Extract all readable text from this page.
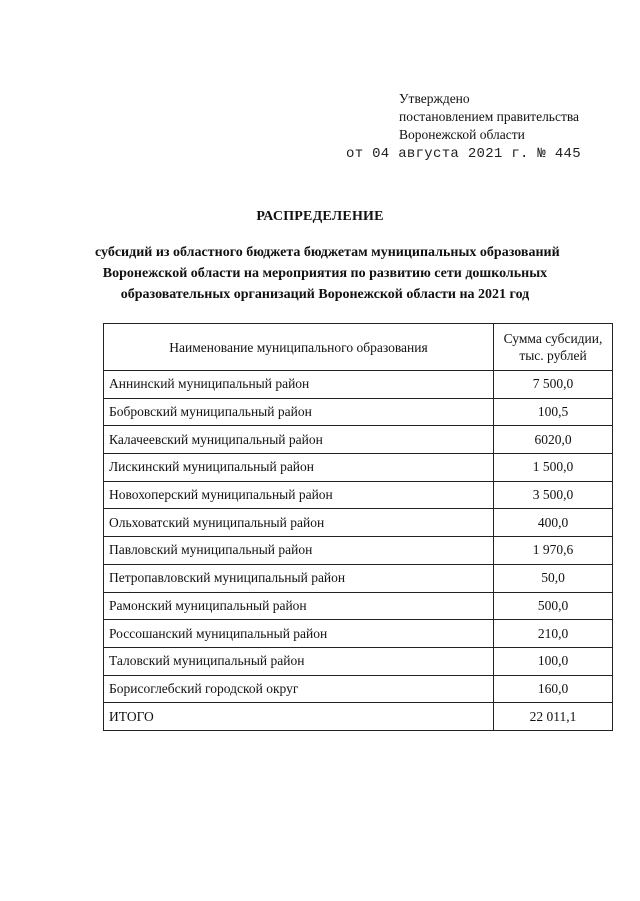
Утверждено
постановлением правительства
Воронежской области
от 04 августа 2021 г. № 445
РАСПРЕДЕЛЕНИЕ
субсидий из областного бюджета бюджетам муниципальных образований
Воронежской области на мероприятия по развитию сети дошкольных
образовательных организаций Воронежской области на 2021 год
Наименование муниципального образования	Сумма субсидии,
тыс. рублей
Аннинский муниципальный район	7 500,0
Бобровский муниципальный район	100,5
Калачеевский муниципальный район	6020,0
Лискинский муниципальный район	1 500,0
Новохоперский муниципальный район	3 500,0
Ольховатский муниципальный район	400,0
Павловский муниципальный район	1 970,6
Петропавловский муниципальный район	50,0
Рамонский муниципальный район	500,0
Россошанский муниципальный район	210,0
Таловский муниципальный район	100,0
Борисоглебский городской округ	160,0
ИТОГО	22 011,1
